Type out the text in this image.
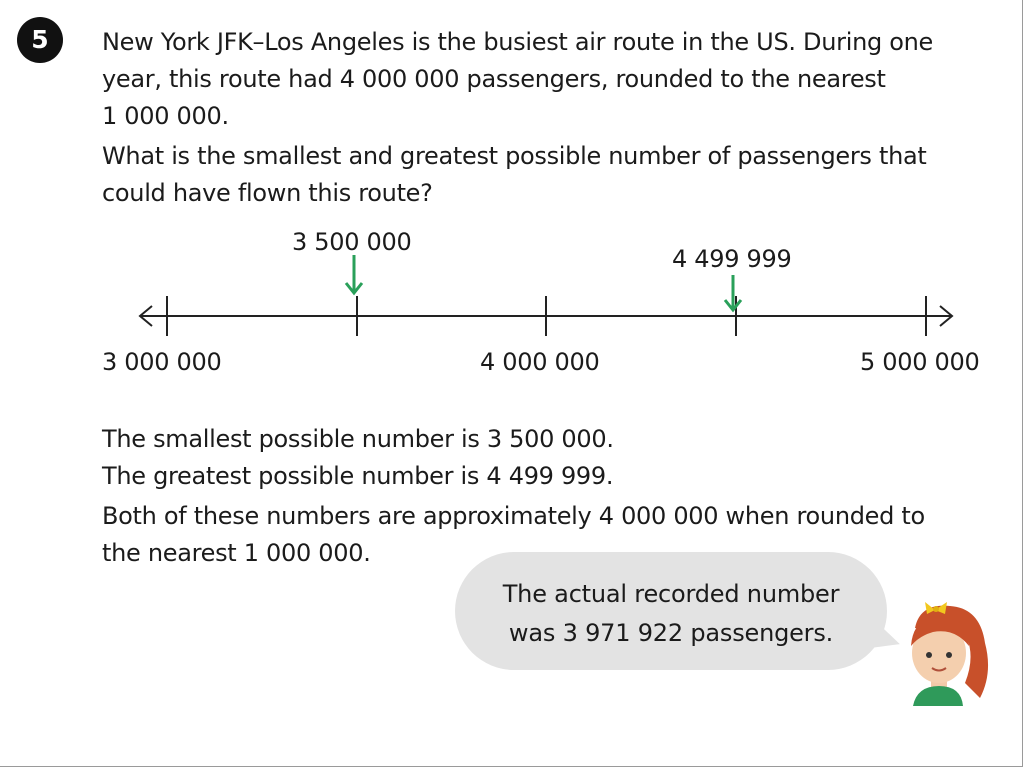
5	New York JFK–Los Angeles is the busiest air route in the US. During one
year, this route had 4 000 000 passengers, rounded to the nearest
1 000 000.
What is the smallest and greatest possible number of passengers that
could have flown this route?
3 500 000
4 499 999
3 000 000	4 000 000	5 000 000
The smallest possible number is 3 500 000.
The greatest possible number is 4 499 999.
Both of these numbers are approximately 4 000 000 when rounded to
the nearest 1 000 000.
The actual recorded number
was 3 971 922 passengers.
